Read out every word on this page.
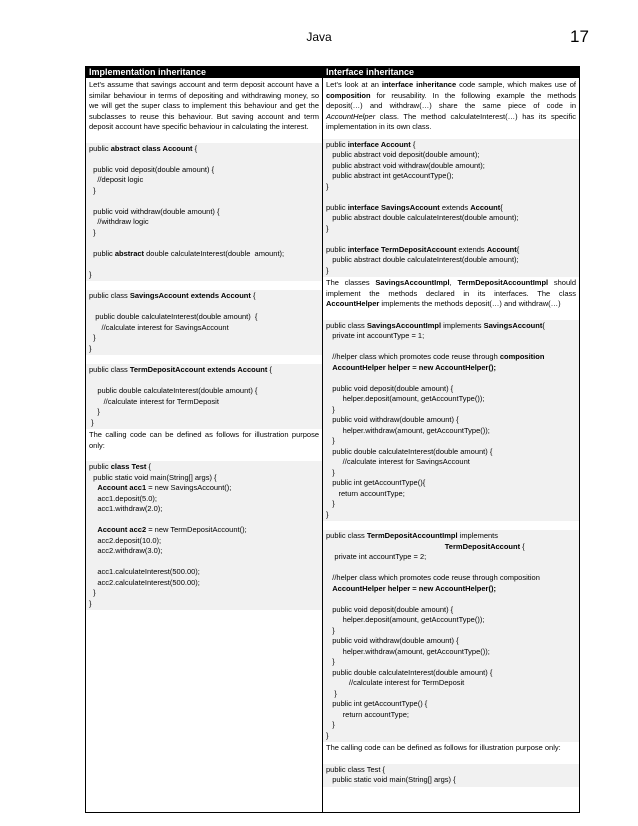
Java	17
Implementation inheritance	Interface inheritance
Let’s assume that savings account and term deposit account have a similar behaviour in terms of depositing and withdrawing money, so we will get the super class to implement this behaviour and get the subclasses to reuse this behaviour. But saving account and term deposit account have specific behaviour in calculating the interest.
public abstract class Account {

public void deposit(double amount) {
//deposit logic
}

public void withdraw(double amount) {
//withdraw logic
}

public abstract double calculateInterest(double  amount);

}
public class SavingsAccount extends Account {

public double calculateInterest(double amount)  {
//calculate interest for SavingsAccount
}
}
public class TermDepositAccount extends Account {

public double calculateInterest(double amount) {
//calculate interest for TermDeposit
}
}
The calling code can be defined as follows for illustration purpose only:
public class Test {
public static void main(String[] args) {
Account acc1 = new SavingsAccount();
acc1.deposit(5.0);
acc1.withdraw(2.0);

Account acc2 = new TermDepositAccount();
acc2.deposit(10.0);
acc2.withdraw(3.0);

acc1.calculateInterest(500.00);
acc2.calculateInterest(500.00);
}
}
Let’s look at an interface inheritance code sample, which makes use of composition for reusability. In the following example the methods deposit(…) and withdraw(…) share the same piece of code in AccountHelper class. The method calculateInterest(…) has its specific implementation in its own class.
public interface Account {
public abstract void deposit(double amount);
public abstract void withdraw(double amount);
public abstract int getAccountType();
}

public interface SavingsAccount extends Account{
public abstract double calculateInterest(double amount);
}

public interface TermDepositAccount extends Account{
public abstract double calculateInterest(double amount);
}
The classes SavingsAccountImpl, TermDepositAccountImpl should implement the methods declared in its interfaces. The class AccountHelper implements the methods deposit(…) and withdraw(…)
public class SavingsAccountImpl implements SavingsAccount{
private int accountType = 1;

//helper class which promotes code reuse through composition
AccountHelper helper = new AccountHelper();

public void deposit(double amount) {
helper.deposit(amount, getAccountType());
}
public void withdraw(double amount) {
helper.withdraw(amount, getAccountType());
}
public double calculateInterest(double amount) {
//calculate interest for SavingsAccount
}
public int getAccountType(){
return accountType;
}
}
public class TermDepositAccountImpl implements
TermDepositAccount {
private int accountType = 2;

//helper class which promotes code reuse through composition
AccountHelper helper = new AccountHelper();

public void deposit(double amount) {
helper.deposit(amount, getAccountType());
}
public void withdraw(double amount) {
helper.withdraw(amount, getAccountType());
}
public double calculateInterest(double amount) {
//calculate interest for TermDeposit
}
public int getAccountType() {
return accountType;
}
}
The calling code can be defined as follows for illustration purpose only:
public class Test {
public static void main(String[] args) {
